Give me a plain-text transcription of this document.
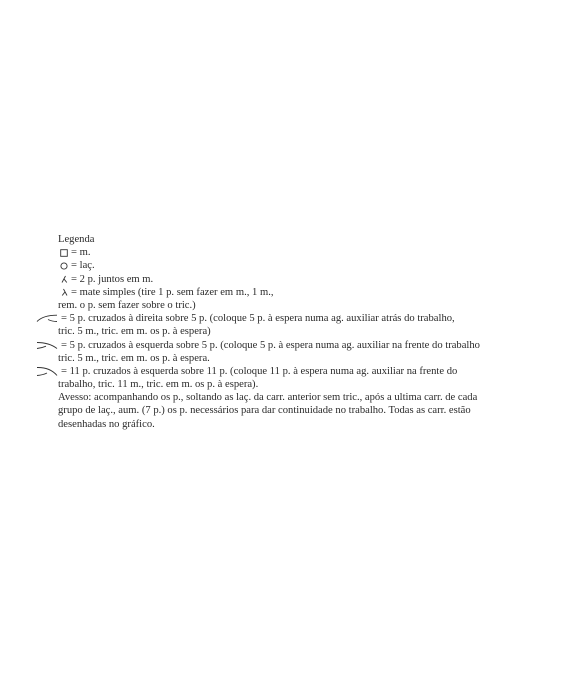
Legenda
= m.
= laç.
= 2 p. juntos em m.
= mate simples (tire 1 p. sem fazer em m., 1 m.,
rem. o p. sem fazer sobre o tric.)
= 5 p. cruzados à direita sobre 5 p. (coloque 5 p. à espera numa ag. auxiliar atrás do trabalho,
tric. 5 m., tric. em m. os p. à espera)
= 5 p. cruzados à esquerda sobre 5 p. (coloque 5 p. à espera numa ag. auxiliar na frente do trabalho
tric. 5 m., tric. em m. os p. à espera.
= 11 p. cruzados à esquerda sobre 11 p. (coloque 11 p. à espera numa ag. auxiliar na frente do
trabalho, tric. 11 m., tric. em m. os p. à espera).
Avesso: acompanhando os p., soltando as laç. da carr. anterior sem tric., após a ultima carr. de cada
grupo de laç., aum. (7 p.) os p. necessários para dar continuidade no trabalho. Todas as carr. estão
desenhadas no gráfico.
